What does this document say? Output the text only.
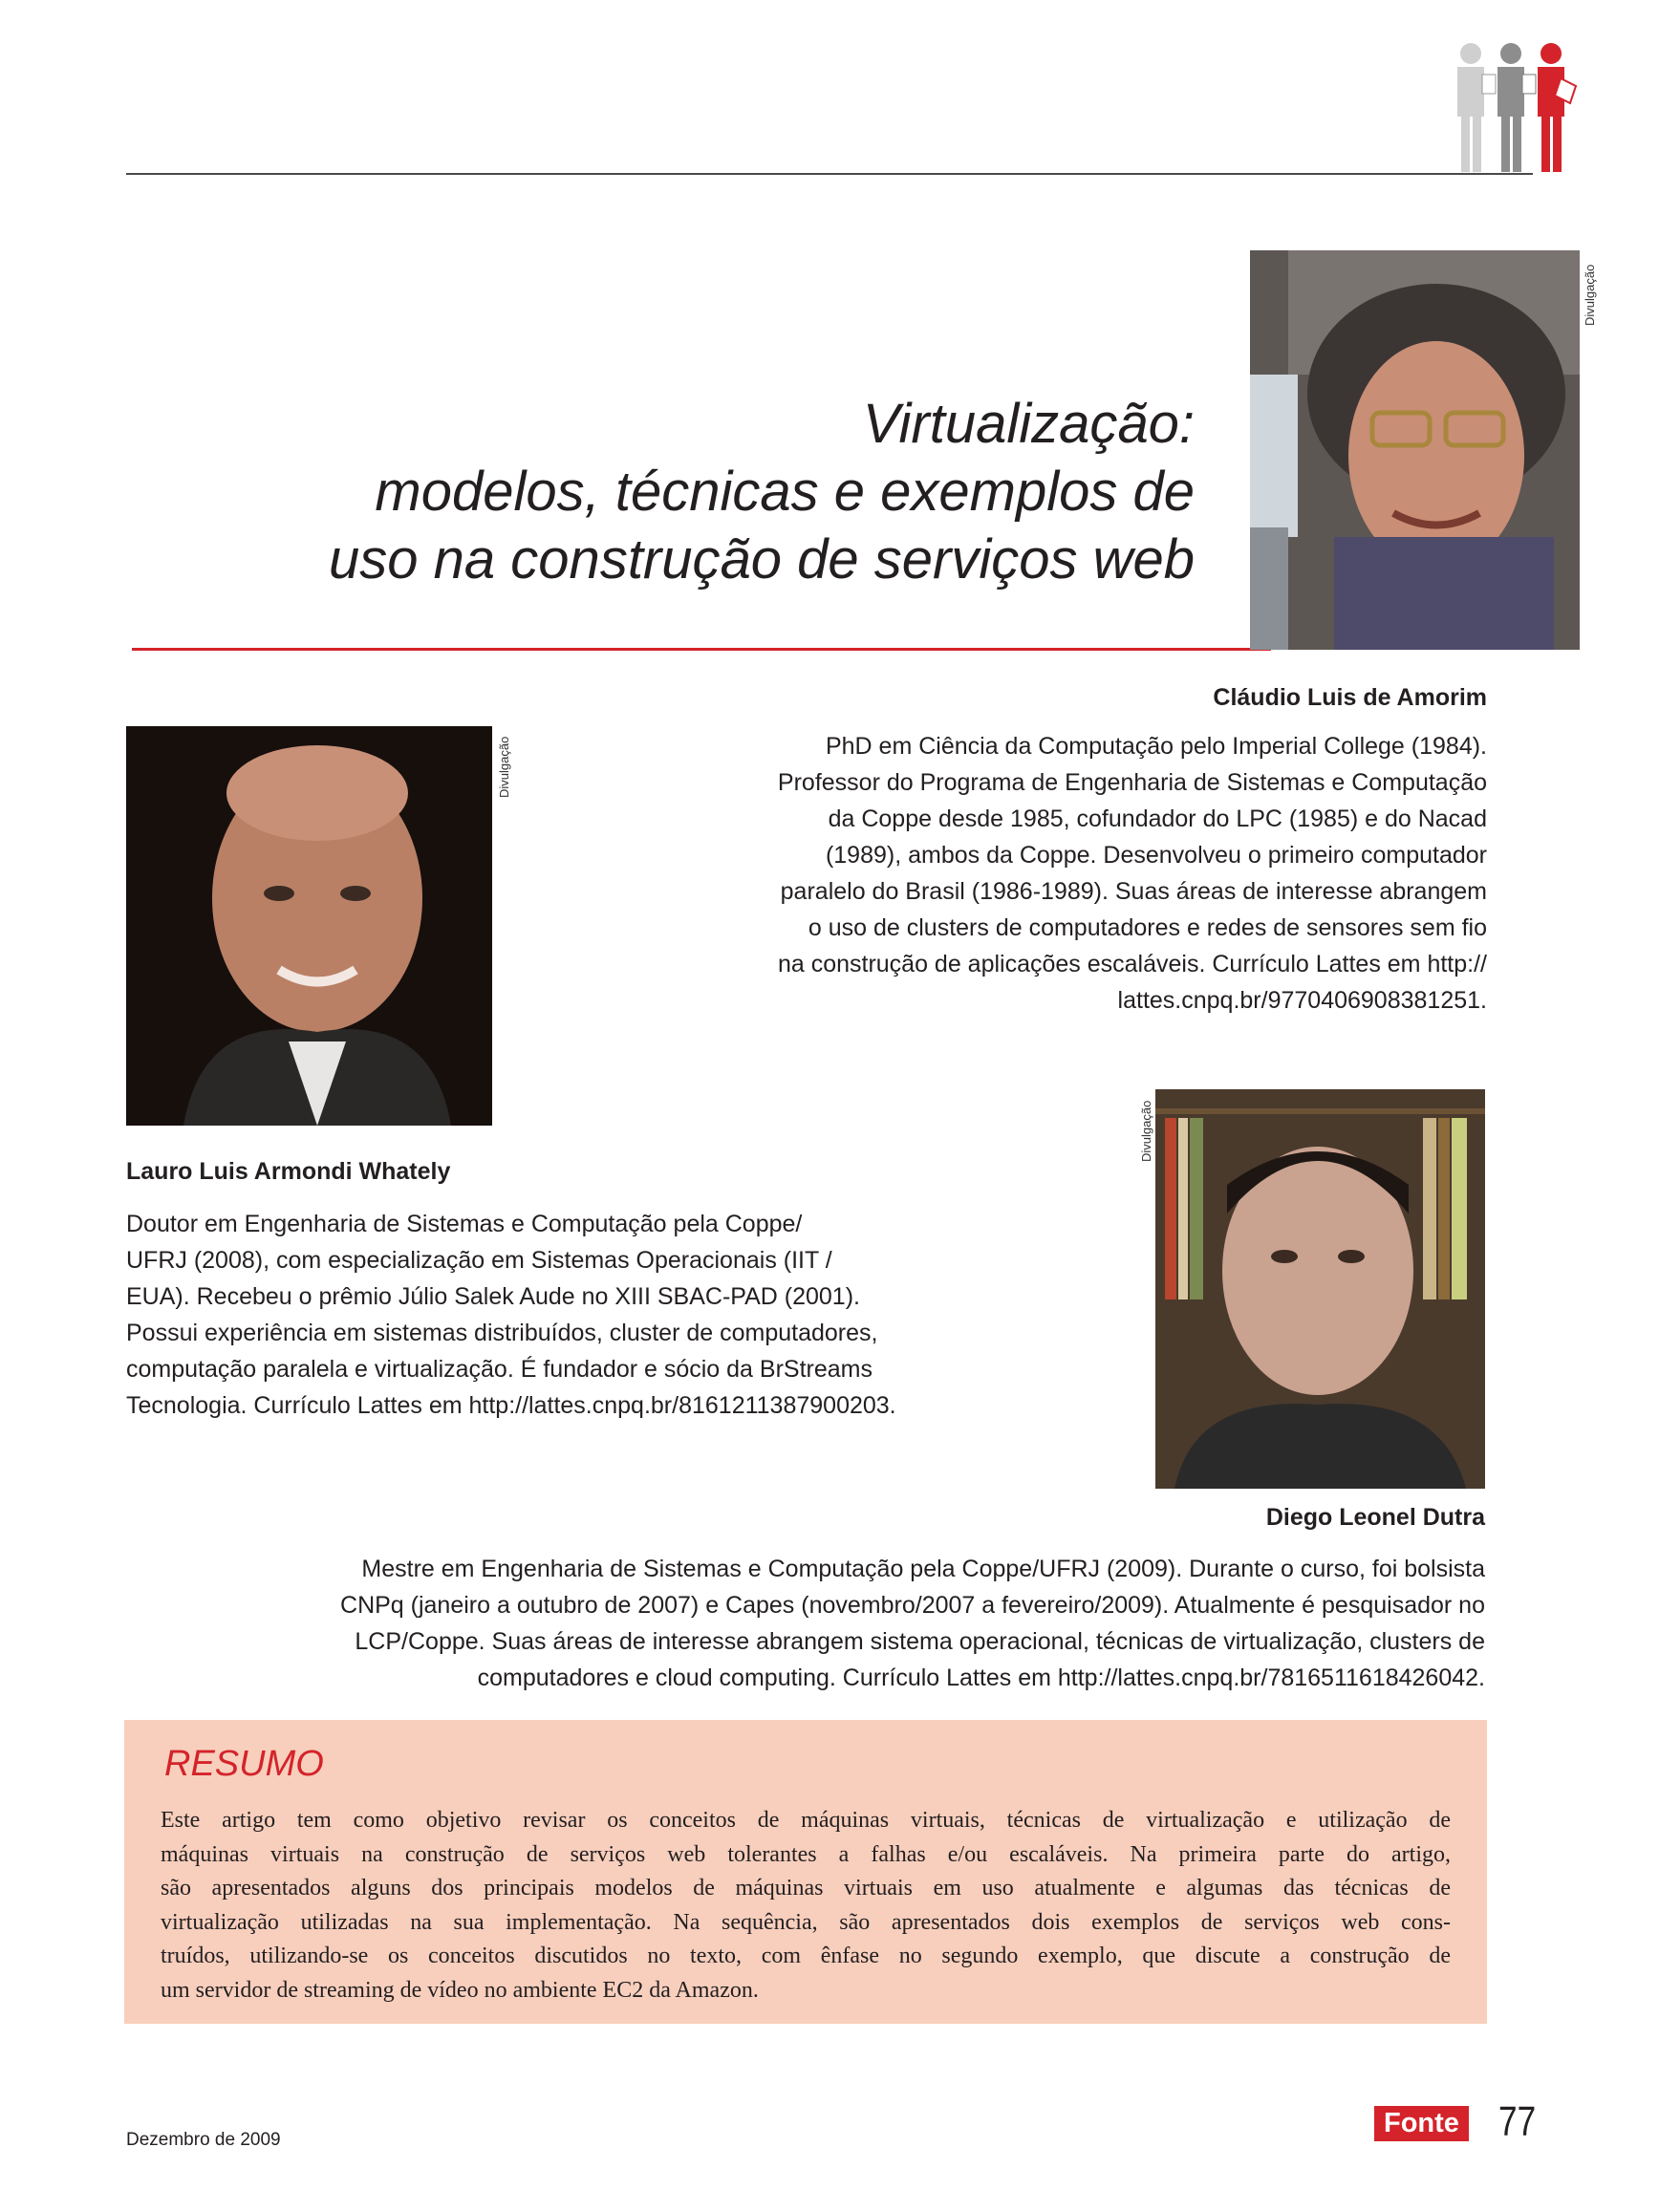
Virtualização:
modelos, técnicas e exemplos de
uso na construção de serviços web
Divulgação
Cláudio Luis de Amorim

PhD em Ciência da Computação pelo Imperial College (1984).
Professor do Programa de Engenharia de Sistemas e Computação
da Coppe desde 1985, cofundador do LPC (1985) e do Nacad
(1989), ambos da Coppe. Desenvolveu o primeiro computador
paralelo do Brasil (1986-1989). Suas áreas de interesse abrangem
o uso de clusters de computadores e redes de sensores sem fio
na construção de aplicações escaláveis. Currículo Lattes em http://
lattes.cnpq.br/9770406908381251.

Divulgação
Lauro Luis Armondi Whately

Doutor em Engenharia de Sistemas e Computação pela Coppe/
UFRJ (2008), com especialização em Sistemas Operacionais (IIT /
EUA). Recebeu o prêmio Júlio Salek Aude no XIII SBAC-PAD (2001).
Possui experiência em sistemas distribuídos, cluster de computadores,
computação paralela e virtualização. É fundador e sócio da BrStreams
Tecnologia. Currículo Lattes em http://lattes.cnpq.br/8161211387900203.

Divulgação
Diego Leonel Dutra

Mestre em Engenharia de Sistemas e Computação pela Coppe/UFRJ (2009). Durante o curso, foi bolsista
CNPq (janeiro a outubro de 2007) e Capes (novembro/2007 a fevereiro/2009). Atualmente é pesquisador no
LCP/Coppe. Suas áreas de interesse abrangem sistema operacional, técnicas de virtualização, clusters de
computadores e cloud computing. Currículo Lattes em http://lattes.cnpq.br/7816511618426042.

RESUMO
Este artigo tem como objetivo revisar os conceitos de máquinas virtuais, técnicas de virtualização e utilização de
máquinas virtuais na construção de serviços web tolerantes a falhas e/ou escaláveis. Na primeira parte do artigo,
são apresentados alguns dos principais modelos de máquinas virtuais em uso atualmente e algumas das técnicas de
virtualização utilizadas na sua implementação. Na sequência, são apresentados dois exemplos de serviços web cons-
truídos, utilizando-se os conceitos discutidos no texto, com ênfase no segundo exemplo, que discute a construção de
um servidor de streaming de vídeo no ambiente EC2 da Amazon.
Dezembro de 2009
Fonte 77
